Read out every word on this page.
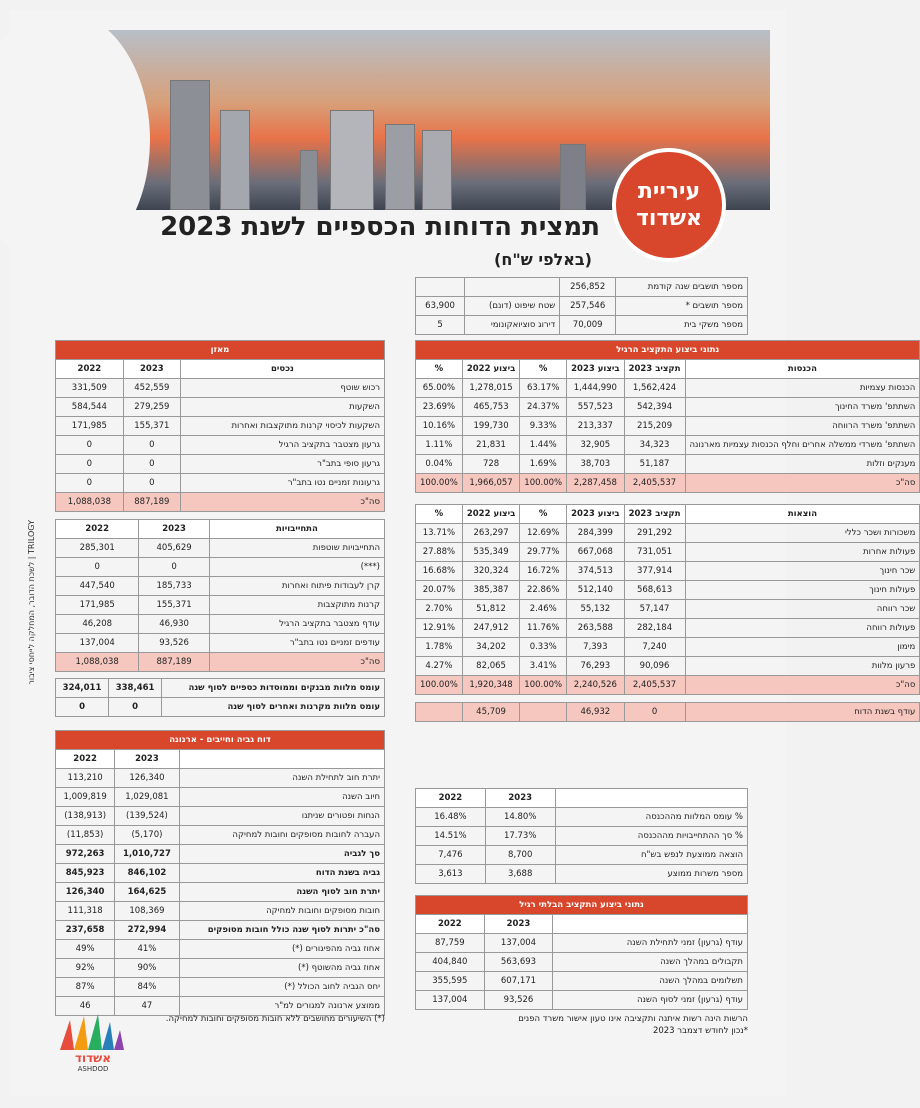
עיריית
אשדוד
תמצית הדוחות הכספיים לשנת 2023 (באלפי ש"ח)
מספר תושבים שנה קודמת	256,852		
מספר תושבים *	257,546	שטח שיפוט (דונם)	63,900
מספר משקי בית	70,009	דירוג סוציואקונומי	5
נתוני ביצוע התקציב הרגיל					
הכנסות	תקציב 2023	ביצוע 2023	%	ביצוע 2022	%
הכנסות עצמיות	1,562,424	1,444,990	63.17%	1,278,015	65.00%
השתתפ' משרד החינוך	542,394	557,523	24.37%	465,753	23.69%
השתתפ' משרד הרווחה	215,209	213,337	9.33%	199,730	10.16%
השתתפ' משרדי ממשלה אחרים וחלף הכנסות עצמיות מארנונה	34,323	32,905	1.44%	21,831	1.11%
מענקים וזלות	51,187	38,703	1.69%	728	0.04%
סה"כ	2,405,537	2,287,458	100.00%	1,966,057	100.00%

הוצאות	תקציב 2023	ביצוע 2023	%	ביצוע 2022	%
משכורות ושכר כללי	291,292	284,399	12.69%	263,297	13.71%
פעולות אחרות	731,051	667,068	29.77%	535,349	27.88%
שכר חינוך	377,914	374,513	16.72%	320,324	16.68%
פעולות חינוך	568,613	512,140	22.86%	385,387	20.07%
שכר רווחה	57,147	55,132	2.46%	51,812	2.70%
פעולות רווחה	282,184	263,588	11.76%	247,912	12.91%
מימון	7,240	7,393	0.33%	34,202	1.78%
פרעון מלוות	90,096	76,293	3.41%	82,065	4.27%
סה"כ	2,405,537	2,240,526	100.00%	1,920,348	100.00%

עודף בשנת הדוח	0	46,932		45,709	
	2023	2022
% עומס המלוות מההכנסה	14.80%	16.48%
% סך ההתחייבויות מההכנסה	17.73%	14.51%
הוצאה ממוצעת לנפש בש"ח	8,700	7,476
מספר משרות ממוצע	3,688	3,613
נתוני ביצוע התקציב הבלתי רגיל		
	2023	2022
עודף (גרעון) זמני לתחילת השנה	137,004	87,759
תקבולים במהלך השנה	563,693	404,840
תשלומים במהלך השנה	607,171	355,595
עודף (גרעון) זמני לסוף השנה	93,526	137,004
הרשות הינה רשות איתנה ותקציבה אינו טעון אישור משרד הפנים
*נכון לחודש דצמבר 2023
מאזן		
נכסים	2023	2022
רכוש שוטף	452,559	331,509
השקעות	279,259	584,544
השקעות לכיסוי קרנות מתוקצבות ואחרות	155,371	171,985
גרעון מצטבר בתקציב הרגיל	0	0
גרעון סופי בתב"ר	0	0
גרעונות זמניים נטו בתב"ר	0	0
סה"כ	887,189	1,088,038
התחייבויות	2023	2022
התחייבויות שוטפות	405,629	285,301
(***)	0	0
קרן לעבודות פיתוח ואחרות	185,733	447,540
קרנות מתוקצבות	155,371	171,985
עודף מצטבר בתקציב הרגיל	46,930	46,208
עודפים זמניים נטו בתב"ר	93,526	137,004
סה"כ	887,189	1,088,038
עומס מלוות מבנקים וממוסדות כספיים לסוף שנה	338,461	324,011
עומס מלוות מקרנות ואחרים לסוף שנה	0	0
דוח גביה וחייבים - ארנונה		
	2023	2022
יתרת חוב לתחילת השנה	126,340	113,210
חיוב השנה	1,029,081	1,009,819
הנחות ופטורים שניתנו	(139,524)	(138,913)
העברה לחובות מסופקים וחובות למחיקה	(5,170)	(11,853)
סך לגביה	1,010,727	972,263
גביה בשנת הדוח	846,102	845,923
יתרת חוב לסוף השנה	164,625	126,340
חובות מסופקים וחובות למחיקה	108,369	111,318
סה"כ יתרות לסוף שנה כולל חובות מסופקים	272,994	237,658
אחוז גביה מהפיגורים (*)	41%	49%
אחוז גביה מהשוטף (*)	90%	92%
יחס הגביה לחוב הכולל (*)	84%	87%
ממוצע ארנונה למגורים למ"ר	47	46
(*) השיעורים מחושבים ללא חובות מסופקים וחובות למחיקה.
לשכת הדובר, המחלקה לייחסי ציבור | TRILOGY
אשדוד
ASHDOD
